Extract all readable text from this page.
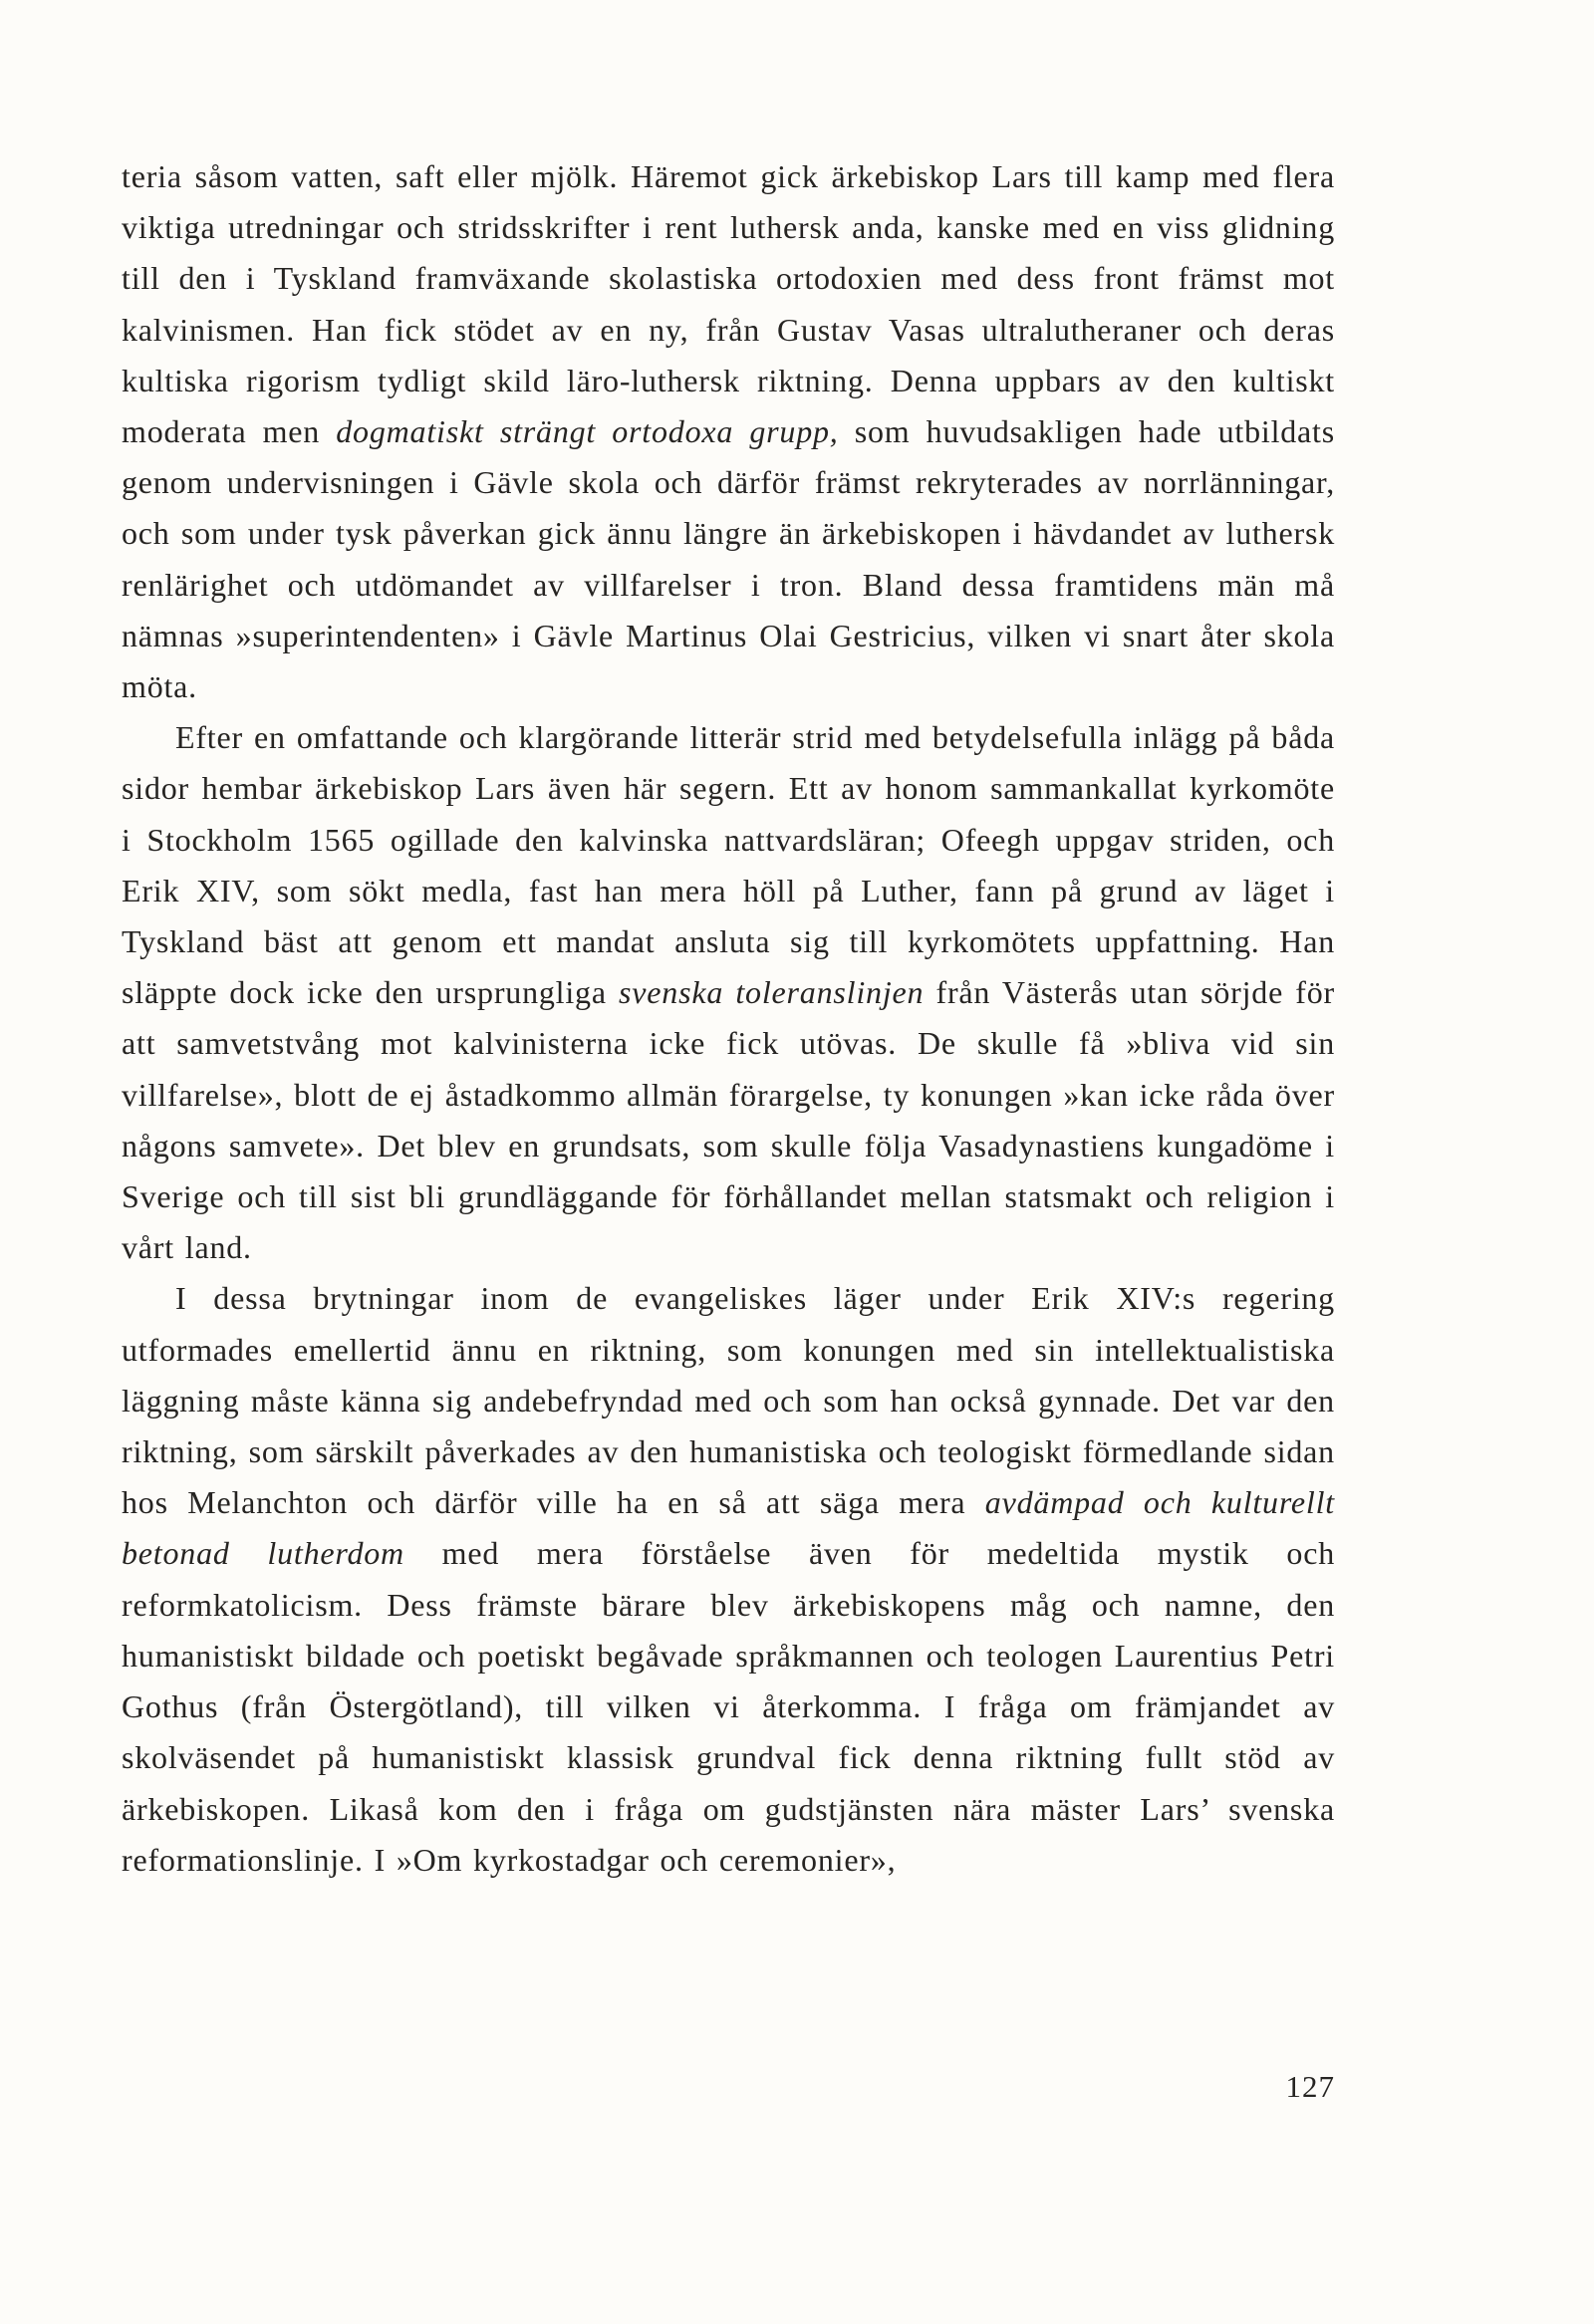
teria såsom vatten, saft eller mjölk. Häremot gick ärkebiskop Lars till kamp med flera viktiga utredningar och stridsskrifter i rent luthersk anda, kanske med en viss glidning till den i Tyskland framväxande skolastiska ortodoxien med dess front främst mot kalvinismen. Han fick stödet av en ny, från Gustav Vasas ultralutheraner och deras kultiska rigorism tydligt skild läro-luthersk riktning. Denna uppbars av den kultiskt moderata men dogmatiskt strängt ortodoxa grupp, som huvudsakligen hade utbildats genom undervisningen i Gävle skola och därför främst rekryterades av norrlänningar, och som under tysk påverkan gick ännu längre än ärkebiskopen i hävdandet av luthersk renlärighet och utdömandet av villfarelser i tron. Bland dessa framtidens män må nämnas »superintendenten» i Gävle Martinus Olai Gestricius, vilken vi snart åter skola möta.

Efter en omfattande och klargörande litterär strid med betydelsefulla inlägg på båda sidor hembar ärkebiskop Lars även här segern. Ett av honom sammankallat kyrkomöte i Stockholm 1565 ogillade den kalvinska nattvardsläran; Ofeegh uppgav striden, och Erik XIV, som sökt medla, fast han mera höll på Luther, fann på grund av läget i Tyskland bäst att genom ett mandat ansluta sig till kyrkomötets uppfattning. Han släppte dock icke den ursprungliga svenska toleranslinjen från Västerås utan sörjde för att samvetstvång mot kalvinisterna icke fick utövas. De skulle få »bliva vid sin villfarelse», blott de ej åstadkommo allmän förargelse, ty konungen »kan icke råda över någons samvete». Det blev en grundsats, som skulle följa Vasadynastiens kungadöme i Sverige och till sist bli grundläggande för förhållandet mellan statsmakt och religion i vårt land.

I dessa brytningar inom de evangeliskes läger under Erik XIV:s regering utformades emellertid ännu en riktning, som konungen med sin intellektualistiska läggning måste känna sig andebefryndad med och som han också gynnade. Det var den riktning, som särskilt påverkades av den humanistiska och teologiskt förmedlande sidan hos Melanchton och därför ville ha en så att säga mera avdämpad och kulturellt betonad lutherdom med mera förståelse även för medeltida mystik och reformkatolicism. Dess främste bärare blev ärkebiskopens måg och namne, den humanistiskt bildade och poetiskt begåvade språkmannen och teologen Laurentius Petri Gothus (från Östergötland), till vilken vi återkomma. I fråga om främjandet av skolväsendet på humanistiskt klassisk grundval fick denna riktning fullt stöd av ärkebiskopen. Likaså kom den i fråga om gudstjänsten nära mäster Lars’ svenska reformationslinje. I »Om kyrkostadgar och ceremonier»,

127
